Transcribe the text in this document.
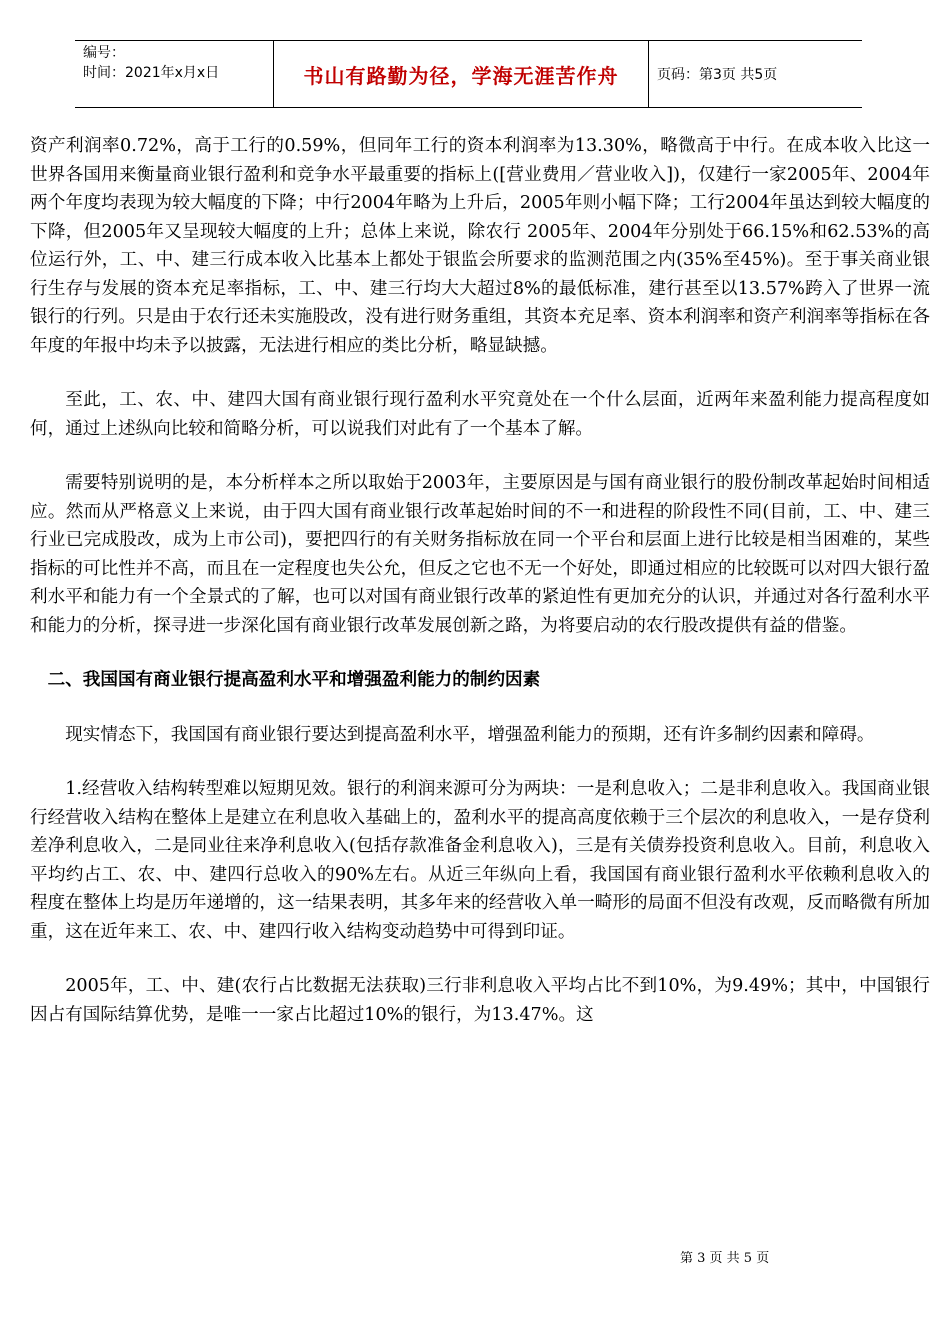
编号：
时间：2021年x月x日	书山有路勤为径，学海无涯苦作舟	页码：第3页 共5页

资产利润率0.72%，高于工行的0.59%，但同年工行的资本利润率为13.30%，略微高于中行。在成本收入比这一世界各国用来衡量商业银行盈利和竞争水平最重要的指标上([营业费用／营业收入])，仅建行一家2005年、2004年两个年度均表现为较大幅度的下降；中行2004年略为上升后，2005年则小幅下降；工行2004年虽达到较大幅度的下降，但2005年又呈现较大幅度的上升；总体上来说，除农行 2005年、2004年分别处于66.15%和62.53%的高位运行外，工、中、建三行成本收入比基本上都处于银监会所要求的监测范围之内(35%至45%)。至于事关商业银行生存与发展的资本充足率指标，工、中、建三行均大大超过8%的最低标准，建行甚至以13.57%跨入了世界一流银行的行列。只是由于农行还未实施股改，没有进行财务重组，其资本充足率、资本利润率和资产利润率等指标在各年度的年报中均未予以披露，无法进行相应的类比分析，略显缺撼。

至此，工、农、中、建四大国有商业银行现行盈利水平究竟处在一个什么层面，近两年来盈利能力提高程度如何，通过上述纵向比较和简略分析，可以说我们对此有了一个基本了解。

需要特别说明的是，本分析样本之所以取始于2003年，主要原因是与国有商业银行的股份制改革起始时间相适应。然而从严格意义上来说，由于四大国有商业银行改革起始时间的不一和进程的阶段性不同(目前，工、中、建三行业已完成股改，成为上市公司)，要把四行的有关财务指标放在同一个平台和层面上进行比较是相当困难的，某些指标的可比性并不高，而且在一定程度也失公允，但反之它也不无一个好处，即通过相应的比较既可以对四大银行盈利水平和能力有一个全景式的了解，也可以对国有商业银行改革的紧迫性有更加充分的认识，并通过对各行盈利水平和能力的分析，探寻进一步深化国有商业银行改革发展创新之路，为将要启动的农行股改提供有益的借鉴。

二、我国国有商业银行提高盈利水平和增强盈利能力的制约因素

现实情态下，我国国有商业银行要达到提高盈利水平，增强盈利能力的预期，还有许多制约因素和障碍。

1.经营收入结构转型难以短期见效。银行的利润来源可分为两块：一是利息收入；二是非利息收入。我国商业银行经营收入结构在整体上是建立在利息收入基础上的，盈利水平的提高高度依赖于三个层次的利息收入，一是存贷利差净利息收入，二是同业往来净利息收入(包括存款准备金利息收入)，三是有关债券投资利息收入。目前，利息收入平均约占工、农、中、建四行总收入的90%左右。从近三年纵向上看，我国国有商业银行盈利水平依赖利息收入的程度在整体上均是历年递增的，这一结果表明，其多年来的经营收入单一畸形的局面不但没有改观，反而略微有所加重，这在近年来工、农、中、建四行收入结构变动趋势中可得到印证。

2005年，工、中、建(农行占比数据无法获取)三行非利息收入平均占比不到10%，为9.49%；其中，中国银行因占有国际结算优势，是唯一一家占比超过10%的银行，为13.47%。这

第 3 页 共 5 页
